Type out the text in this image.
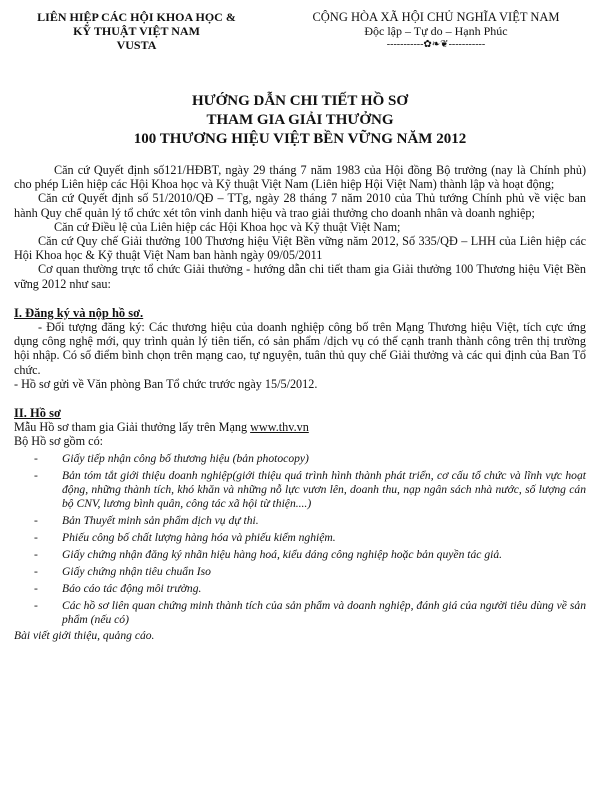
LIÊN HIỆP CÁC HỘI KHOA HỌC &
KỸ THUẬT VIỆT NAM
VUSTA
CỘNG HÒA XÃ HỘI CHỦ NGHĨA VIỆT NAM
Độc lập – Tự do – Hạnh Phúc
-----------✿❧❦-----------
HƯỚNG DẪN CHI TIẾT HỒ SƠ
THAM GIA GIẢI THƯỞNG
100 THƯƠNG HIỆU VIỆT BỀN VỮNG NĂM 2012

Căn cứ Quyết định số121/HĐBT, ngày 29 tháng 7 năm 1983 của Hội đồng Bộ trưởng (nay là Chính phủ) cho phép Liên hiệp các Hội Khoa học và Kỹ thuật Việt Nam (Liên hiệp Hội Việt Nam) thành lập và hoạt động;

Căn cứ Quyết định số 51/2010/QĐ – TTg, ngày 28 tháng 7 năm 2010 của Thủ tướng Chính phủ về việc ban hành Quy chế quản lý tổ chức xét tôn vinh danh hiệu và trao giải thưởng cho doanh nhân và doanh nghiệp;

Căn cứ Điều lệ của Liên hiệp các Hội Khoa học và Kỹ thuật Việt Nam;

Căn cứ Quy chế Giải thưởng 100 Thương hiệu Việt Bền vững năm 2012, Số 335/QĐ – LHH của Liên hiệp các Hội Khoa học & Kỹ thuật Việt Nam ban hành ngày 09/05/2011

Cơ quan thường trực tổ chức Giải thưởng - hướng dẫn chi tiết tham gia Giải thưởng 100 Thương hiệu Việt Bền vững 2012 như sau:

I. Đăng ký và nộp hồ sơ.

- Đối tượng đăng ký: Các thương hiệu của doanh nghiệp công bố trên Mạng Thương hiệu Việt, tích cực ứng dụng công nghệ mới, quy trình quản lý tiên tiến, có sản phẩm /dịch vụ có thế cạnh tranh thành công trên thị trường hội nhập. Có số điểm bình chọn trên mạng cao, tự nguyện, tuân thủ quy chế Giải thưởng và các qui định của Ban Tổ chức.

- Hồ sơ gửi về Văn phòng Ban Tổ chức trước ngày 15/5/2012.

II. Hồ sơ

Mẫu Hồ sơ tham gia Giải thưởng lấy trên Mạng www.thv.vn

Bộ Hồ sơ gồm có:

- Giấy tiếp nhận công bố thương hiệu (bản photocopy)
- Bản tóm tắt giới thiệu doanh nghiệp(giới thiệu quá trình hình thành phát triển, cơ cấu tổ chức và lĩnh vực hoạt động, những thành tích, khó khăn và những nỗ lực vươn lên, doanh thu, nạp ngân sách nhà nước, số lượng cán bộ CNV, lương bình quân, công tác xã hội từ thiện....)
- Bản Thuyết minh sản phẩm dịch vụ dự thi.
- Phiếu công bố chất lượng hàng hóa và phiếu kiểm nghiệm.
- Giấy chứng nhận đăng ký nhãn hiệu hàng hoá, kiểu dáng công nghiệp hoặc bản quyền tác giả.
- Giấy chứng nhận tiêu chuẩn Iso
- Báo cáo tác động môi trường.
- Các hồ sơ liên quan chứng minh thành tích của sản phẩm và doanh nghiệp, đánh giá của người tiêu dùng về sản phẩm (nếu có)
Bài viết giới thiệu, quảng cáo.
